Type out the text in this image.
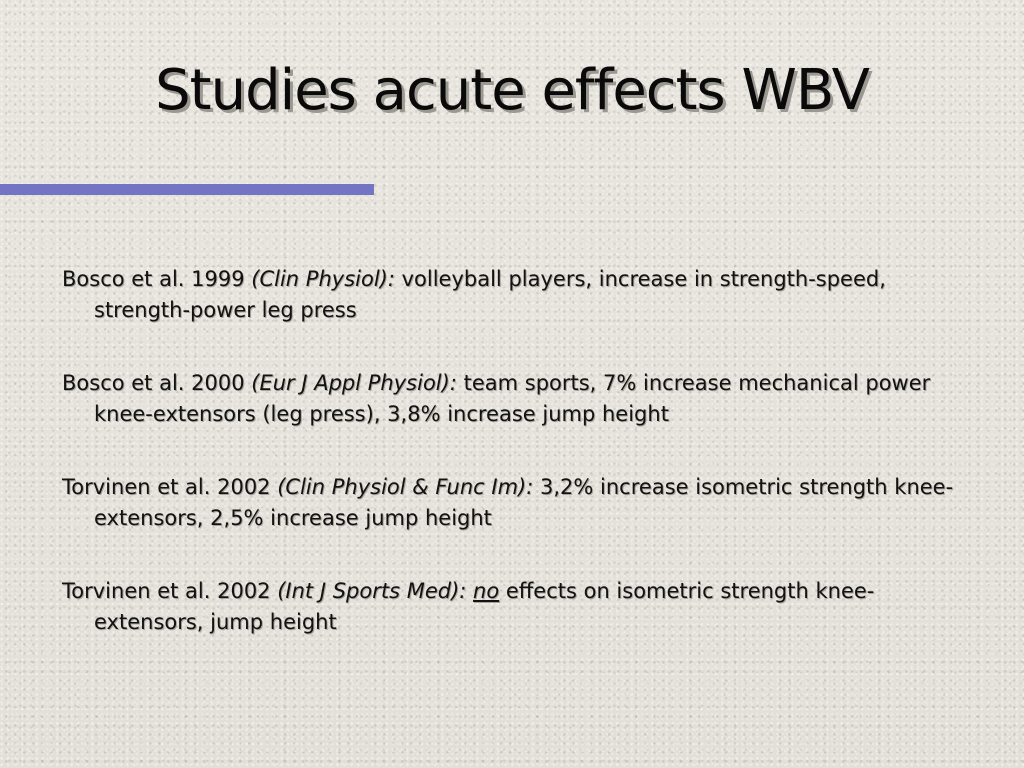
Studies acute effects WBV

Bosco et al. 1999 (Clin Physiol): volleyball players, increase in strength-speed, strength-power leg press

Bosco et al. 2000 (Eur J Appl Physiol): team sports, 7% increase mechanical power knee-extensors (leg press), 3,8% increase jump height

Torvinen et al. 2002 (Clin Physiol & Func Im): 3,2% increase isometric strength knee-extensors, 2,5% increase jump height

Torvinen et al. 2002 (Int J Sports Med): no effects on isometric strength knee-extensors, jump height
